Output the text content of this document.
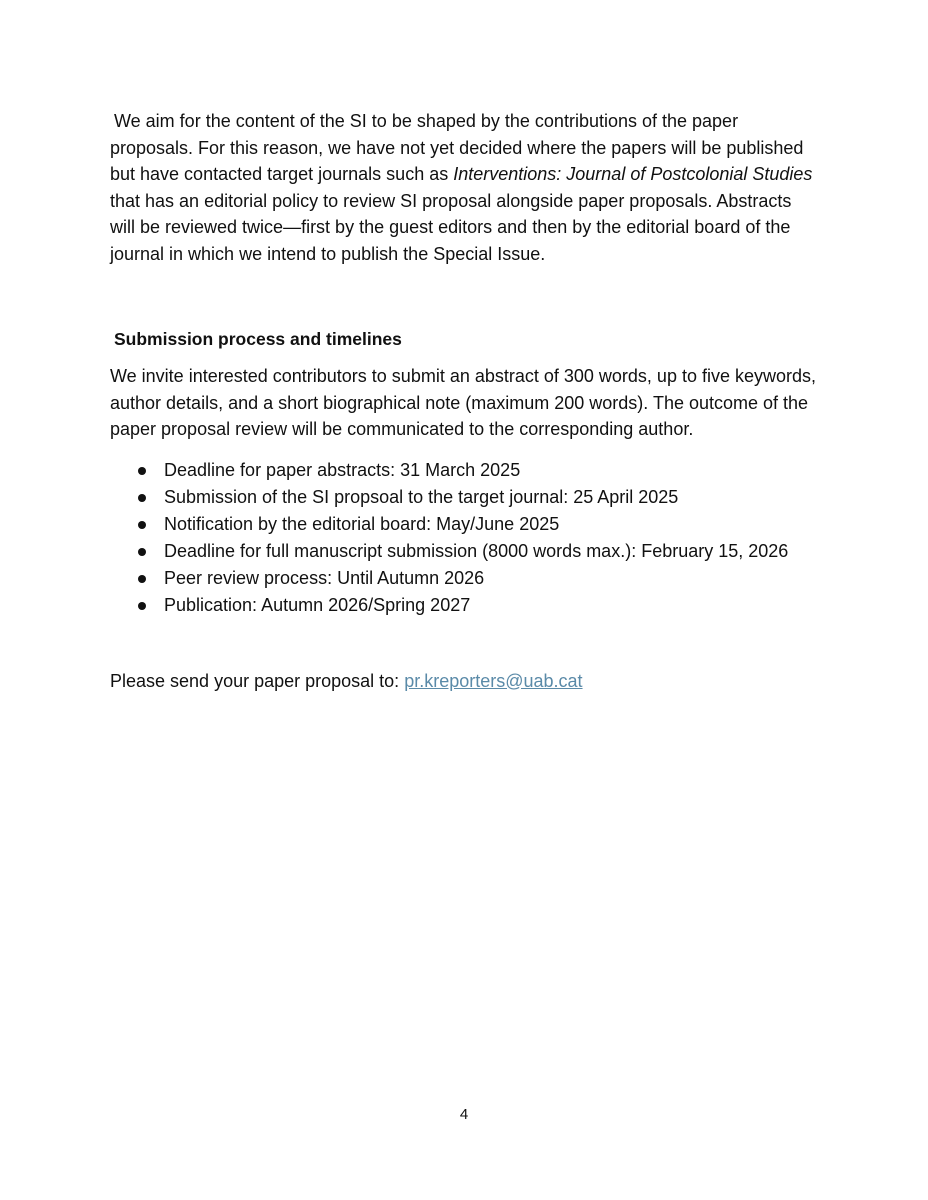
We aim for the content of the SI to be shaped by the contributions of the paper proposals. For this reason, we have not yet decided where the papers will be published but have contacted target journals such as Interventions: Journal of Postcolonial Studies that has an editorial policy to review SI proposal alongside paper proposals. Abstracts will be reviewed twice—first by the guest editors and then by the editorial board of the journal in which we intend to publish the Special Issue.

Submission process and timelines

We invite interested contributors to submit an abstract of 300 words, up to five keywords, author details, and a short biographical note (maximum 200 words). The outcome of the paper proposal review will be communicated to the corresponding author.

Deadline for paper abstracts: 31 March 2025
Submission of the SI propsoal to the target journal: 25 April 2025
Notification by the editorial board: May/June 2025
Deadline for full manuscript submission (8000 words max.): February 15, 2026
Peer review process: Until Autumn 2026
Publication: Autumn 2026/Spring 2027

Please send your paper proposal to: pr.kreporters@uab.cat

4
